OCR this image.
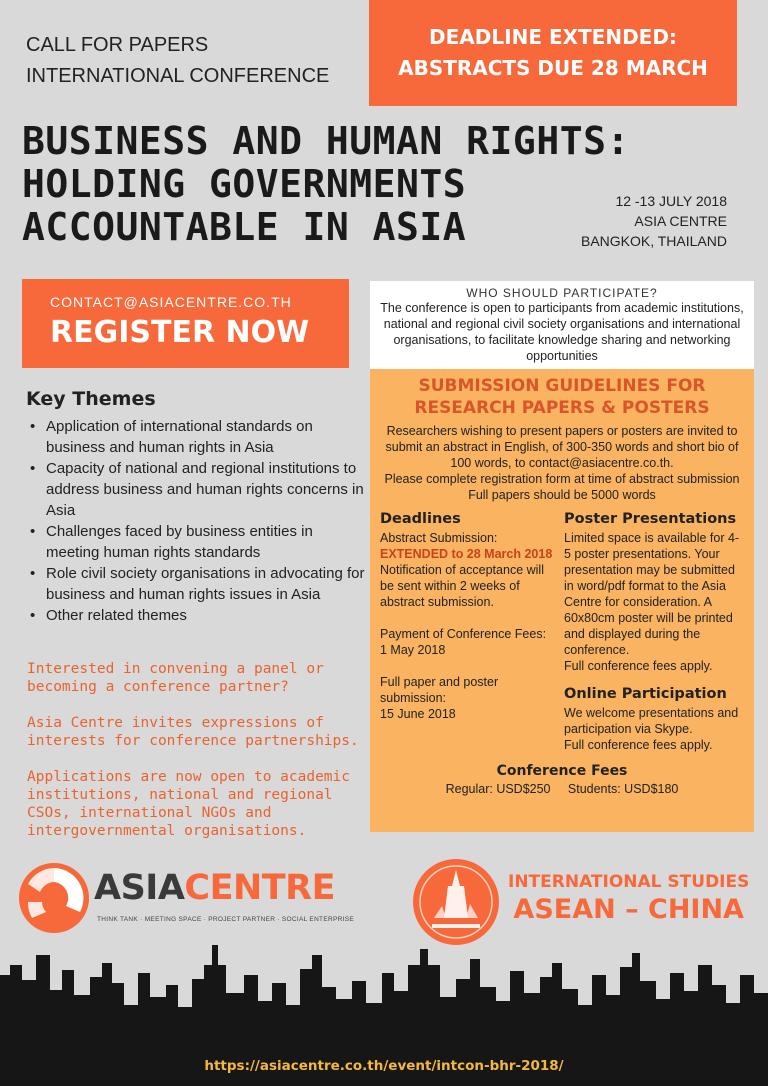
CALL FOR PAPERS
INTERNATIONAL CONFERENCE
DEADLINE EXTENDED:
ABSTRACTS DUE 28 MARCH
BUSINESS AND HUMAN RIGHTS:
HOLDING GOVERNMENTS
ACCOUNTABLE IN ASIA
12 -13 JULY 2018
ASIA CENTRE
BANGKOK, THAILAND
CONTACT@ASIACENTRE.CO.TH
REGISTER NOW
WHO SHOULD PARTICIPATE?
The conference is open to participants from academic institutions, national and regional civil society organisations and international organisations, to facilitate knowledge sharing and networking opportunities
SUBMISSION GUIDELINES FOR
RESEARCH PAPERS & POSTERS
Researchers wishing to present papers or posters are invited to submit an abstract in English, of 300-350 words and short bio of 100 words, to contact@asiacentre.co.th.
Please complete registration form at time of abstract submission
Full papers should be 5000 words
Deadlines
Abstract Submission:
EXTENDED to 28 March 2018
Notification of acceptance will be sent within 2 weeks of abstract submission.
Payment of Conference Fees:
1 May 2018
Full paper and poster submission:
15 June 2018
Poster Presentations
Limited space is available for 4-5 poster presentations. Your presentation may be submitted in word/pdf format to the Asia Centre for consideration. A 60x80cm poster will be printed and displayed during the conference.
Full conference fees apply.
Online Participation
We welcome presentations and participation via Skype.
Full conference fees apply.
Conference Fees
Regular: USD$250 Students: USD$180
Key Themes
• Application of international standards on business and human rights in Asia
• Capacity of national and regional institutions to address business and human rights concerns in Asia
• Challenges faced by business entities in meeting human rights standards
• Role civil society organisations in advocating for business and human rights issues in Asia
• Other related themes

Interested in convening a panel or becoming a conference partner?

Asia Centre invites expressions of interests for conference partnerships.

Applications are now open to academic institutions, national and regional CSOs, international NGOs and intergovernmental organisations.

ASIACENTRE
THINK TANK · MEETING SPACE · PROJECT PARTNER · SOCIAL ENTERPRISE
INTERNATIONAL STUDIES
ASEAN – CHINA
https://asiacentre.co.th/event/intcon-bhr-2018/
